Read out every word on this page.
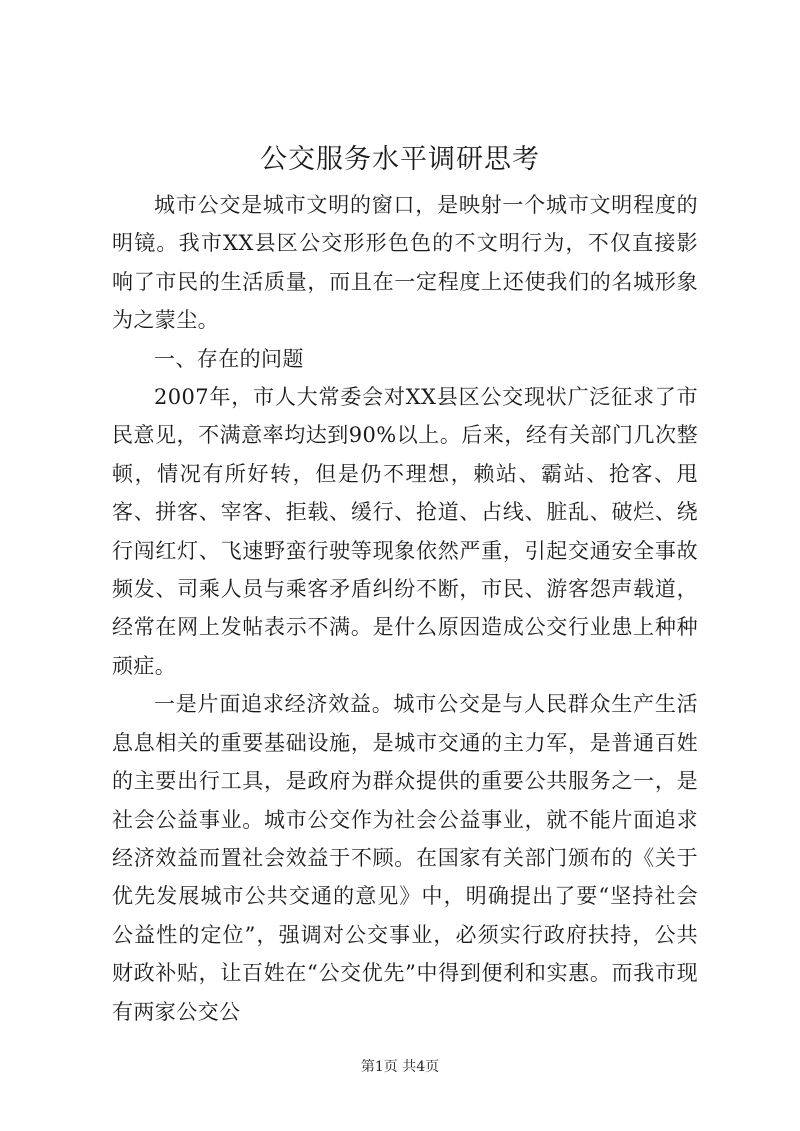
公交服务水平调研思考

城市公交是城市文明的窗口，是映射一个城市文明程度的明镜。我市XX县区公交形形色色的不文明行为，不仅直接影响了市民的生活质量，而且在一定程度上还使我们的名城形象为之蒙尘。

一、存在的问题

2007年，市人大常委会对XX县区公交现状广泛征求了市民意见，不满意率均达到90%以上。后来，经有关部门几次整顿，情况有所好转，但是仍不理想，赖站、霸站、抢客、甩客、拼客、宰客、拒载、缓行、抢道、占线、脏乱、破烂、绕行闯红灯、飞速野蛮行驶等现象依然严重，引起交通安全事故频发、司乘人员与乘客矛盾纠纷不断，市民、游客怨声载道，经常在网上发帖表示不满。是什么原因造成公交行业患上种种顽症。

一是片面追求经济效益。城市公交是与人民群众生产生活息息相关的重要基础设施，是城市交通的主力军，是普通百姓的主要出行工具，是政府为群众提供的重要公共服务之一，是社会公益事业。城市公交作为社会公益事业，就不能片面追求经济效益而置社会效益于不顾。在国家有关部门颁布的《关于优先发展城市公共交通的意见》中，明确提出了要“坚持社会公益性的定位”，强调对公交事业，必须实行政府扶持，公共财政补贴，让百姓在“公交优先”中得到便利和实惠。而我市现有两家公交公

第1页 共4页
